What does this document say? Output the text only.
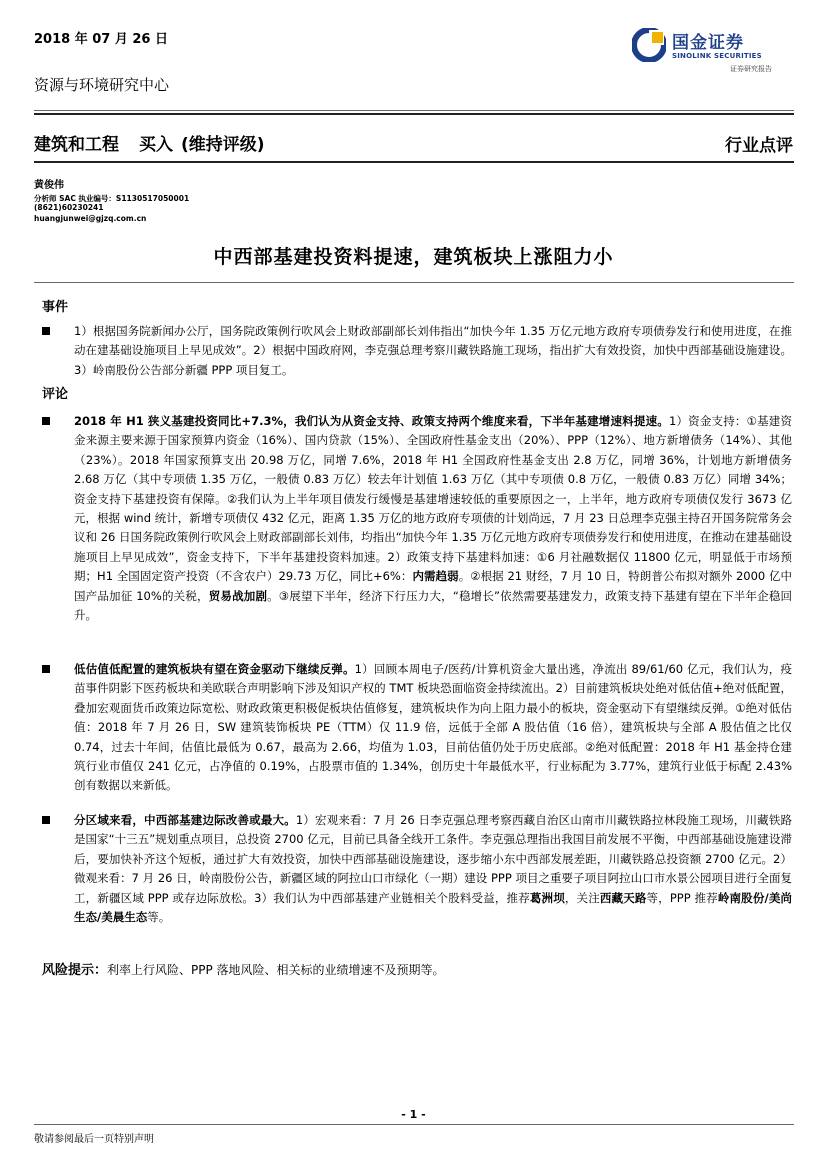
2018 年 07 月 26 日	国金证券
SINOLINK SECURITIES
证券研究报告
资源与环境研究中心
建筑和工程 买入 (维持评级)	行业点评
黄俊伟
分析师 SAC 执业编号：S1130517050001
(8621)60230241
huangjunwei@gjzq.com.cn
中西部基建投资料提速，建筑板块上涨阻力小
事件
1）根据国务院新闻办公厅，国务院政策例行吹风会上财政部副部长刘伟指出“加快今年 1.35 万亿元地方政府专项债券发行和使用进度，在推动在建基础设施项目上早见成效”。2）根据中国政府网，李克强总理考察川藏铁路施工现场，指出扩大有效投资，加快中西部基础设施建设。3）岭南股份公告部分新疆 PPP 项目复工。
评论
2018 年 H1 狭义基建投资同比+7.3%，我们认为从资金支持、政策支持两个维度来看，下半年基建增速料提速。1）资金支持：①基建资金来源主要来源于国家预算内资金（16%）、国内贷款（15%）、全国政府性基金支出（20%）、PPP（12%）、地方新增债务（14%）、其他（23%）。2018 年国家预算支出 20.98 万亿，同增 7.6%，2018 年 H1 全国政府性基金支出 2.8 万亿，同增 36%，计划地方新增债务 2.68 万亿（其中专项债 1.35 万亿，一般债 0.83 万亿）较去年计划值 1.63 万亿（其中专项债 0.8 万亿，一般债 0.83 万亿）同增 34%；资金支持下基建投资有保障。②我们认为上半年项目债发行缓慢是基建增速较低的重要原因之一，上半年，地方政府专项债仅发行 3673 亿元，根据 wind 统计，新增专项债仅 432 亿元，距离 1.35 万亿的地方政府专项债的计划尚远，7 月 23 日总理李克强主持召开国务院常务会议和 26 日国务院政策例行吹风会上财政部副部长刘伟，均指出“加快今年 1.35 万亿元地方政府专项债券发行和使用进度，在推动在建基础设施项目上早见成效”，资金支持下，下半年基建投资料加速。2）政策支持下基建料加速：①6 月社融数据仅 11800 亿元，明显低于市场预期；H1 全国固定资产投资（不含农户）29.73 万亿，同比+6%：内需趋弱。②根据 21 财经，7 月 10 日，特朗普公布拟对额外 2000 亿中国产品加征 10%的关税，贸易战加剧。③展望下半年，经济下行压力大，“稳增长”依然需要基建发力，政策支持下基建有望在下半年企稳回升。
低估值低配置的建筑板块有望在资金驱动下继续反弹。1）回顾本周电子/医药/计算机资金大量出逃，净流出 89/61/60 亿元，我们认为，疫苗事件阴影下医药板块和美欧联合声明影响下涉及知识产权的 TMT 板块恐面临资金持续流出。2）目前建筑板块处绝对低估值+绝对低配置，叠加宏观面货币政策边际宽松、财政政策更积极促板块估值修复，建筑板块作为向上阻力最小的板块，资金驱动下有望继续反弹。①绝对低估值：2018 年 7 月 26 日，SW 建筑装饰板块 PE（TTM）仅 11.9 倍，远低于全部 A 股估值（16 倍），建筑板块与全部 A 股估值之比仅 0.74，过去十年间，估值比最低为 0.67，最高为 2.66，均值为 1.03，目前估值仍处于历史底部。②绝对低配置：2018 年 H1 基金持仓建筑行业市值仅 241 亿元，占净值的 0.19%，占股票市值的 1.34%，创历史十年最低水平，行业标配为 3.77%，建筑行业低于标配 2.43%创有数据以来新低。
分区域来看，中西部基建边际改善或最大。1）宏观来看：7 月 26 日李克强总理考察西藏自治区山南市川藏铁路拉林段施工现场，川藏铁路是国家“十三五”规划重点项目，总投资 2700 亿元，目前已具备全线开工条件。李克强总理指出我国目前发展不平衡，中西部基础设施建设滞后，要加快补齐这个短板，通过扩大有效投资，加快中西部基础设施建设，逐步缩小东中西部发展差距，川藏铁路总投资额 2700 亿元。2）微观来看：7 月 26 日，岭南股份公告，新疆区域的阿拉山口市绿化（一期）建设 PPP 项目之重要子项目阿拉山口市水景公园项目进行全面复工，新疆区域 PPP 或存边际放松。3）我们认为中西部基建产业链相关个股料受益，推荐葛洲坝，关注西藏天路等，PPP 推荐岭南股份/美尚生态/美晨生态等。
风险提示：利率上行风险、PPP 落地风险、相关标的业绩增速不及预期等。
- 1 -
敬请参阅最后一页特别声明
